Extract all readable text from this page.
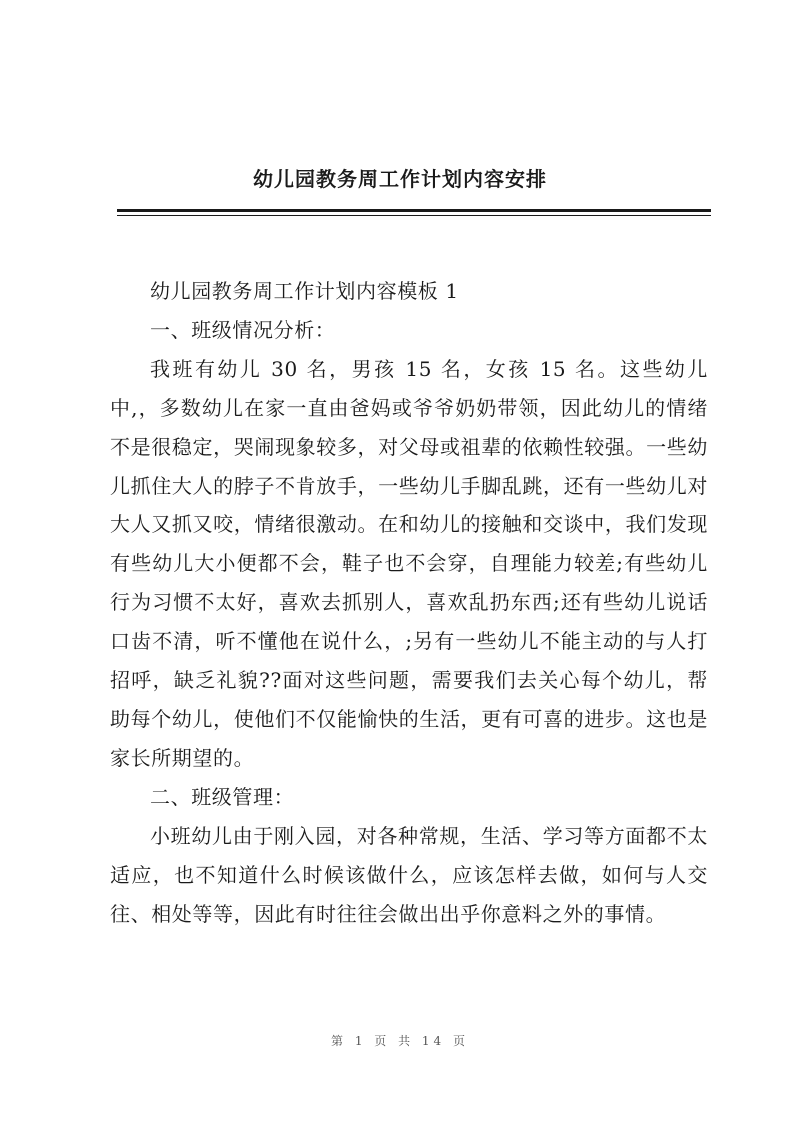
幼儿园教务周工作计划内容安排

幼儿园教务周工作计划内容模板 1

一、班级情况分析：

我班有幼儿 30 名，男孩 15 名，女孩 15 名。这些幼儿中,，多数幼儿在家一直由爸妈或爷爷奶奶带领，因此幼儿的情绪不是很稳定，哭闹现象较多，对父母或祖辈的依赖性较强。一些幼儿抓住大人的脖子不肯放手，一些幼儿手脚乱跳，还有一些幼儿对大人又抓又咬，情绪很激动。在和幼儿的接触和交谈中，我们发现有些幼儿大小便都不会，鞋子也不会穿，自理能力较差;有些幼儿行为习惯不太好，喜欢去抓别人，喜欢乱扔东西;还有些幼儿说话口齿不清，听不懂他在说什么，;另有一些幼儿不能主动的与人打招呼，缺乏礼貌??面对这些问题，需要我们去关心每个幼儿，帮助每个幼儿，使他们不仅能愉快的生活，更有可喜的进步。这也是家长所期望的。

二、班级管理：

小班幼儿由于刚入园，对各种常规，生活、学习等方面都不太适应，也不知道什么时候该做什么，应该怎样去做，如何与人交往、相处等等，因此有时往往会做出出乎你意料之外的事情。

第 1 页 共 14 页
